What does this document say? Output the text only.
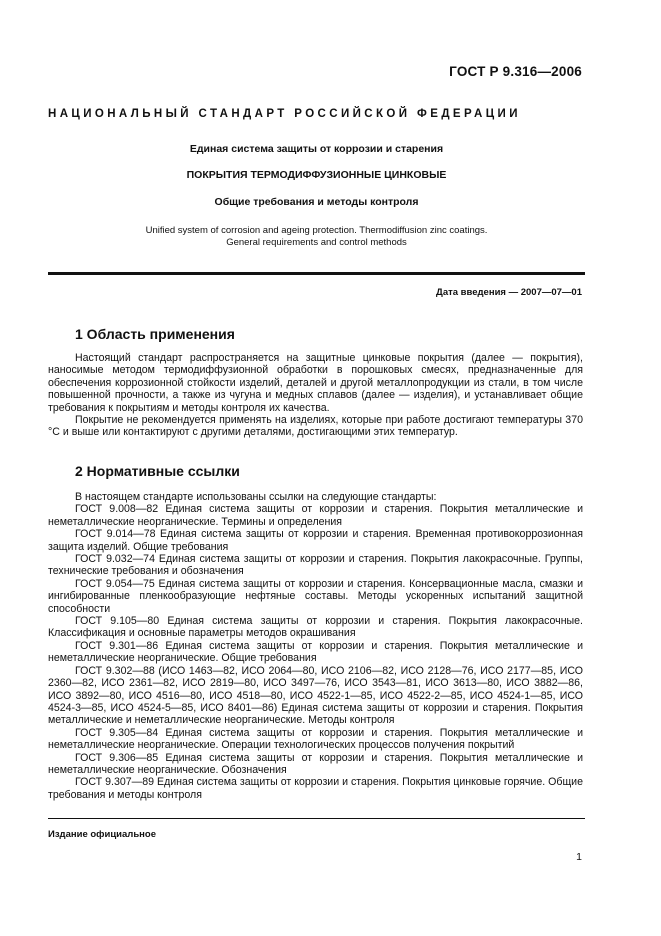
ГОСТ Р 9.316—2006
НАЦИОНАЛЬНЫЙ СТАНДАРТ РОССИЙСКОЙ ФЕДЕРАЦИИ
Единая система защиты от коррозии и старения
ПОКРЫТИЯ ТЕРМОДИФФУЗИОННЫЕ ЦИНКОВЫЕ
Общие требования и методы контроля
Unified system of corrosion and ageing protection. Thermodiffusion zinc coatings.
General requirements and control methods
Дата введения — 2007—07—01
1 Область применения

Настоящий стандарт распространяется на защитные цинковые покрытия (далее — покрытия), наносимые методом термодиффузионной обработки в порошковых смесях, предназначенные для обеспечения коррозионной стойкости изделий, деталей и другой металлопродукции из стали, в том числе повышенной прочности, а также из чугуна и медных сплавов (далее — изделия), и устанавливает общие требования к покрытиям и методы контроля их качества.

Покрытие не рекомендуется применять на изделиях, которые при работе достигают температуры 370 °С и выше или контактируют с другими деталями, достигающими этих температур.

2 Нормативные ссылки

В настоящем стандарте использованы ссылки на следующие стандарты:

ГОСТ 9.008—82 Единая система защиты от коррозии и старения. Покрытия металлические и неметаллические неорганические. Термины и определения

ГОСТ 9.014—78 Единая система защиты от коррозии и старения. Временная противокоррозионная защита изделий. Общие требования

ГОСТ 9.032—74 Единая система защиты от коррозии и старения. Покрытия лакокрасочные. Группы, технические требования и обозначения

ГОСТ 9.054—75 Единая система защиты от коррозии и старения. Консервационные масла, смазки и ингибированные пленкообразующие нефтяные составы. Методы ускоренных испытаний защитной способности

ГОСТ 9.105—80 Единая система защиты от коррозии и старения. Покрытия лакокрасочные. Классификация и основные параметры методов окрашивания

ГОСТ 9.301—86 Единая система защиты от коррозии и старения. Покрытия металлические и неметаллические неорганические. Общие требования

ГОСТ 9.302—88 (ИСО 1463—82, ИСО 2064—80, ИСО 2106—82, ИСО 2128—76, ИСО 2177—85, ИСО 2360—82, ИСО 2361—82, ИСО 2819—80, ИСО 3497—76, ИСО 3543—81, ИСО 3613—80, ИСО 3882—86, ИСО 3892—80, ИСО 4516—80, ИСО 4518—80, ИСО 4522-1—85, ИСО 4522-2—85, ИСО 4524-1—85, ИСО 4524-3—85, ИСО 4524-5—85, ИСО 8401—86) Единая система защиты от коррозии и старения. Покрытия металлические и неметаллические неорганические. Методы контроля

ГОСТ 9.305—84 Единая система защиты от коррозии и старения. Покрытия металлические и неметаллические неорганические. Операции технологических процессов получения покрытий

ГОСТ 9.306—85 Единая система защиты от коррозии и старения. Покрытия металлические и неметаллические неорганические. Обозначения

ГОСТ 9.307—89 Единая система защиты от коррозии и старения. Покрытия цинковые горячие. Общие требования и методы контроля

Издание официальное
1
